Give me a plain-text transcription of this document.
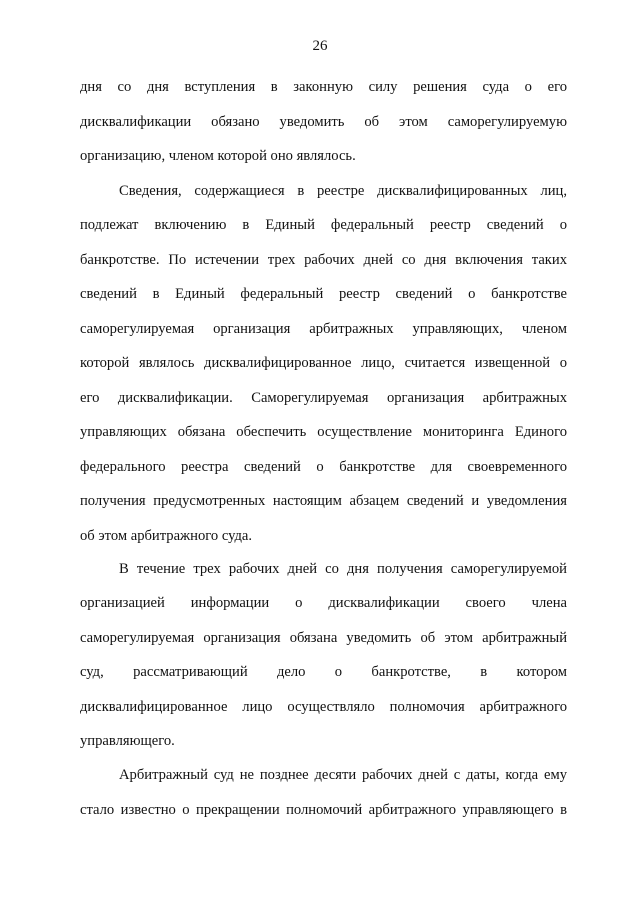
26
дня со дня вступления в законную силу решения суда о его
дисквалификации обязано уведомить об этом саморегулируемую
организацию, членом которой оно являлось.
Сведения, содержащиеся в реестре дисквалифицированных лиц,
подлежат включению в Единый федеральный реестр сведений о
банкротстве. По истечении трех рабочих дней со дня включения таких
сведений в Единый федеральный реестр сведений о банкротстве
саморегулируемая организация арбитражных управляющих, членом
которой являлось дисквалифицированное лицо, считается извещенной о
его дисквалификации. Саморегулируемая организация арбитражных
управляющих обязана обеспечить осуществление мониторинга Единого
федерального реестра сведений о банкротстве для своевременного
получения предусмотренных настоящим абзацем сведений и уведомления
об этом арбитражного суда.
В течение трех рабочих дней со дня получения саморегулируемой
организацией информации о дисквалификации своего члена
саморегулируемая организация обязана уведомить об этом арбитражный
суд, рассматривающий дело о банкротстве, в котором
дисквалифицированное лицо осуществляло полномочия арбитражного
управляющего.
Арбитражный суд не позднее десяти рабочих дней с даты, когда ему
стало известно о прекращении полномочий арбитражного управляющего в
